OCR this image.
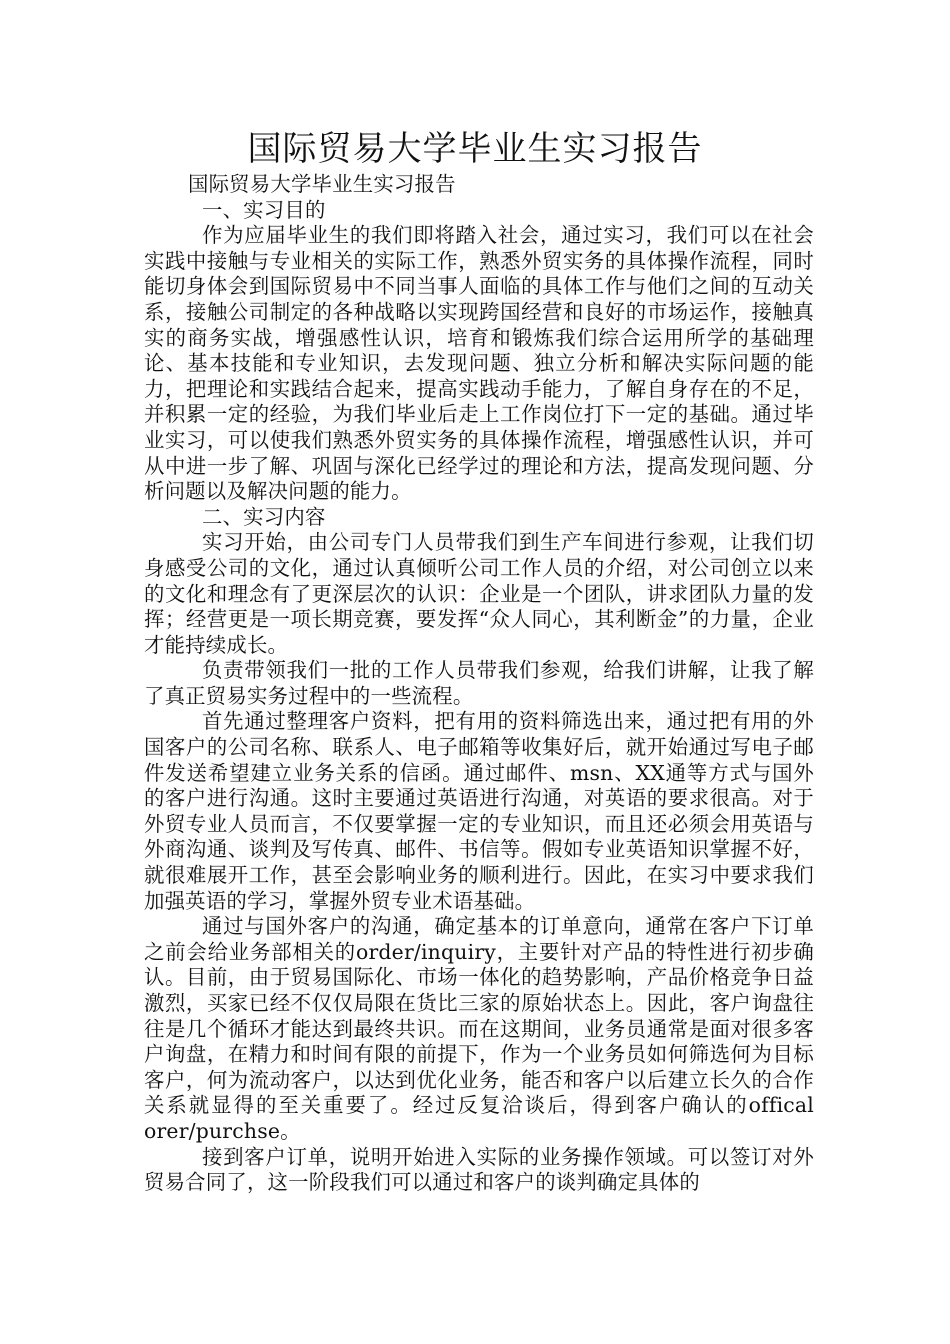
国际贸易大学毕业生实习报告

国际贸易大学毕业生实习报告

一、实习目的

作为应届毕业生的我们即将踏入社会，通过实习，我们可以在社会实践中接触与专业相关的实际工作，熟悉外贸实务的具体操作流程，同时能切身体会到国际贸易中不同当事人面临的具体工作与他们之间的互动关系，接触公司制定的各种战略以实现跨国经营和良好的市场运作，接触真实的商务实战，增强感性认识，培育和锻炼我们综合运用所学的基础理论、基本技能和专业知识，去发现问题、独立分析和解决实际问题的能力，把理论和实践结合起来，提高实践动手能力，了解自身存在的不足，并积累一定的经验，为我们毕业后走上工作岗位打下一定的基础。通过毕业实习，可以使我们熟悉外贸实务的具体操作流程，增强感性认识，并可从中进一步了解、巩固与深化已经学过的理论和方法，提高发现问题、分析问题以及解决问题的能力。

二、实习内容

实习开始，由公司专门人员带我们到生产车间进行参观，让我们切身感受公司的文化，通过认真倾听公司工作人员的介绍，对公司创立以来的文化和理念有了更深层次的认识：企业是一个团队，讲求团队力量的发挥；经营更是一项长期竞赛，要发挥“众人同心，其利断金”的力量，企业才能持续成长。

负责带领我们一批的工作人员带我们参观，给我们讲解，让我了解了真正贸易实务过程中的一些流程。

首先通过整理客户资料，把有用的资料筛选出来，通过把有用的外国客户的公司名称、联系人、电子邮箱等收集好后，就开始通过写电子邮件发送希望建立业务关系的信函。通过邮件、msn、XX通等方式与国外的客户进行沟通。这时主要通过英语进行沟通，对英语的要求很高。对于外贸专业人员而言，不仅要掌握一定的专业知识，而且还必须会用英语与外商沟通、谈判及写传真、邮件、书信等。假如专业英语知识掌握不好，就很难展开工作，甚至会影响业务的顺利进行。因此，在实习中要求我们加强英语的学习，掌握外贸专业术语基础。

通过与国外客户的沟通，确定基本的订单意向，通常在客户下订单之前会给业务部相关的order/inquiry，主要针对产品的特性进行初步确认。目前，由于贸易国际化、市场一体化的趋势影响，产品价格竞争日益激烈，买家已经不仅仅局限在货比三家的原始状态上。因此，客户询盘往往是几个循环才能达到最终共识。而在这期间，业务员通常是面对很多客户询盘，在精力和时间有限的前提下，作为一个业务员如何筛选何为目标客户，何为流动客户，以达到优化业务，能否和客户以后建立长久的合作关系就显得的至关重要了。经过反复洽谈后，得到客户确认的offical orer/purchse。

接到客户订单，说明开始进入实际的业务操作领域。可以签订对外贸易合同了，这一阶段我们可以通过和客户的谈判确定具体的
